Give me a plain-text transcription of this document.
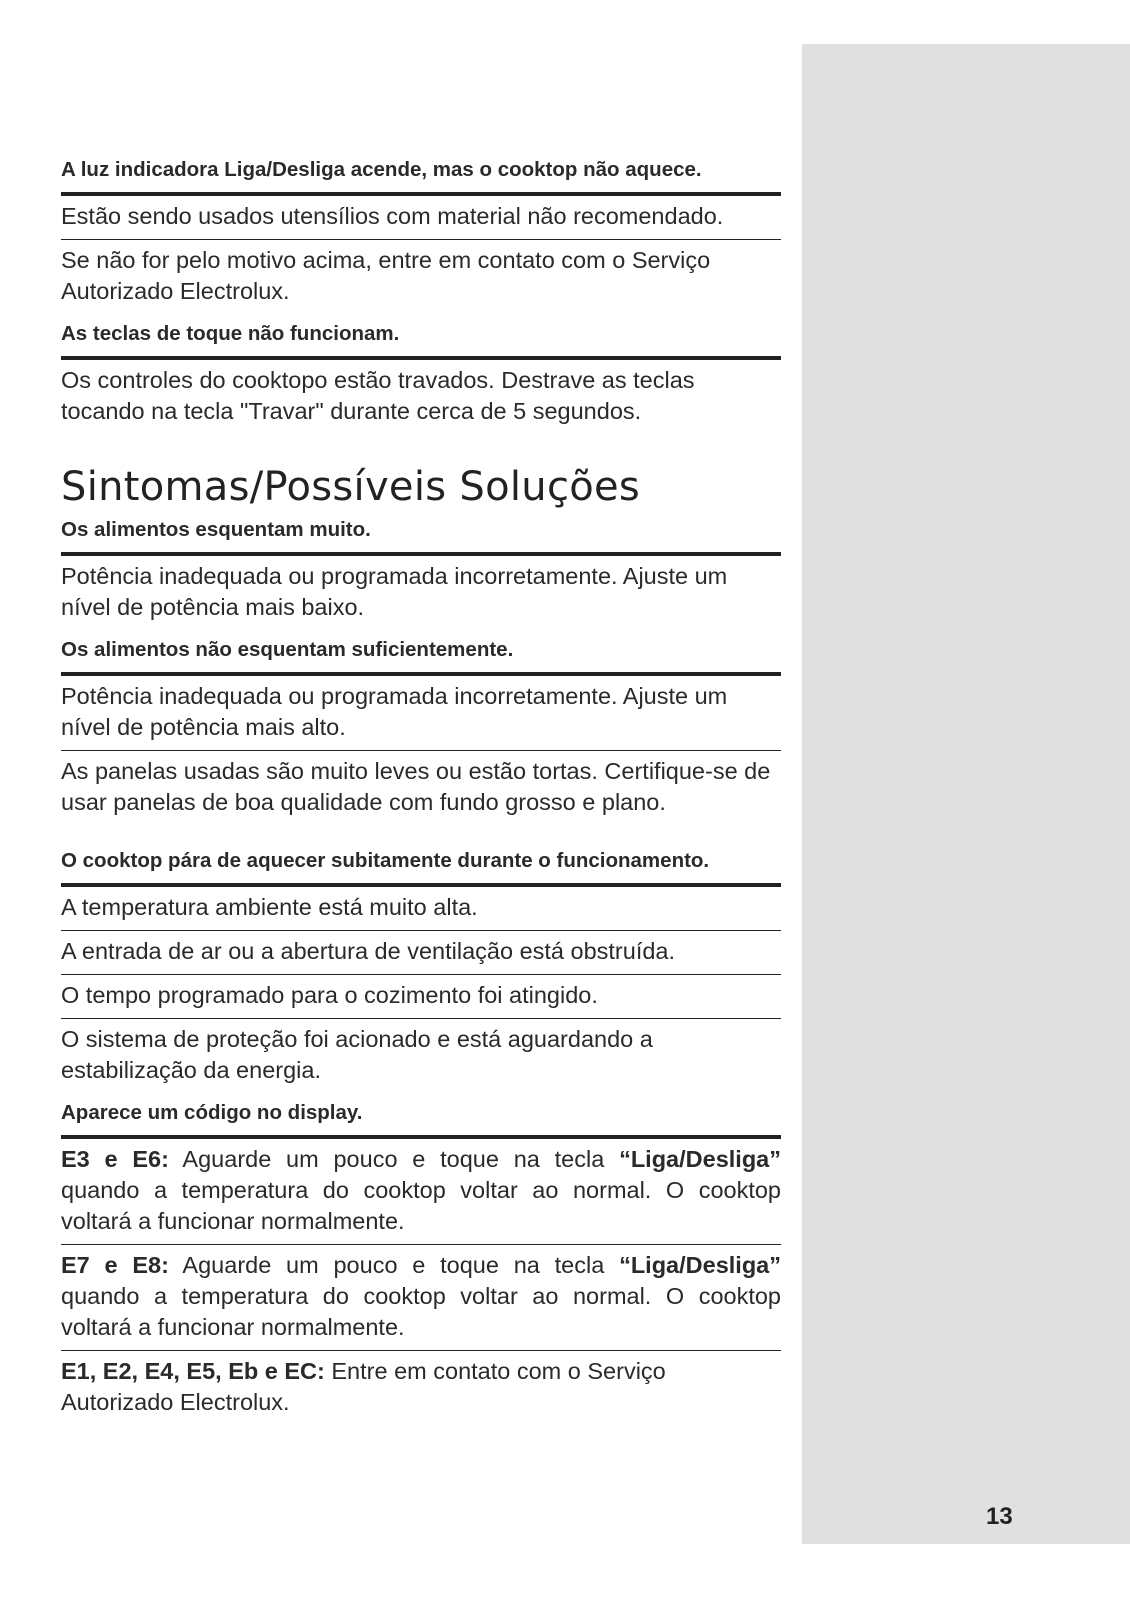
13
A luz indicadora Liga/Desliga acende, mas o cooktop não aquece.
Estão sendo usados utensílios com material não recomendado.
Se não for pelo motivo acima, entre em contato com o Serviço Autorizado Electrolux.
As teclas de toque não funcionam.
Os controles do cooktopo estão travados. Destrave as teclas tocando na tecla "Travar" durante cerca de 5 segundos.
Sintomas/Possíveis Soluções
Os alimentos esquentam muito.
Potência inadequada ou programada incorretamente. Ajuste um nível de potência mais baixo.
Os alimentos não esquentam suficientemente.
Potência inadequada ou programada incorretamente. Ajuste um nível de potência mais alto.
As panelas usadas são muito leves ou estão tortas. Certifique-se de usar panelas de boa qualidade com fundo grosso e plano.
O cooktop pára de aquecer subitamente durante o funcionamento.
A temperatura ambiente está muito alta.
A entrada de ar ou a abertura de ventilação está obstruída.
O tempo programado para o cozimento foi atingido.
O sistema de proteção foi acionado e está aguardando a estabilização da energia.
Aparece um código no display.
E3 e E6: Aguarde um pouco e toque na tecla “Liga/Desliga” quando a temperatura do cooktop voltar ao normal. O cooktop voltará a funcionar normalmente.
E7 e E8: Aguarde um pouco e toque na tecla “Liga/Desliga” quando a temperatura do cooktop voltar ao normal. O cooktop voltará a funcionar normalmente.
E1, E2, E4, E5, Eb e EC: Entre em contato com o Serviço Autorizado Electrolux.
